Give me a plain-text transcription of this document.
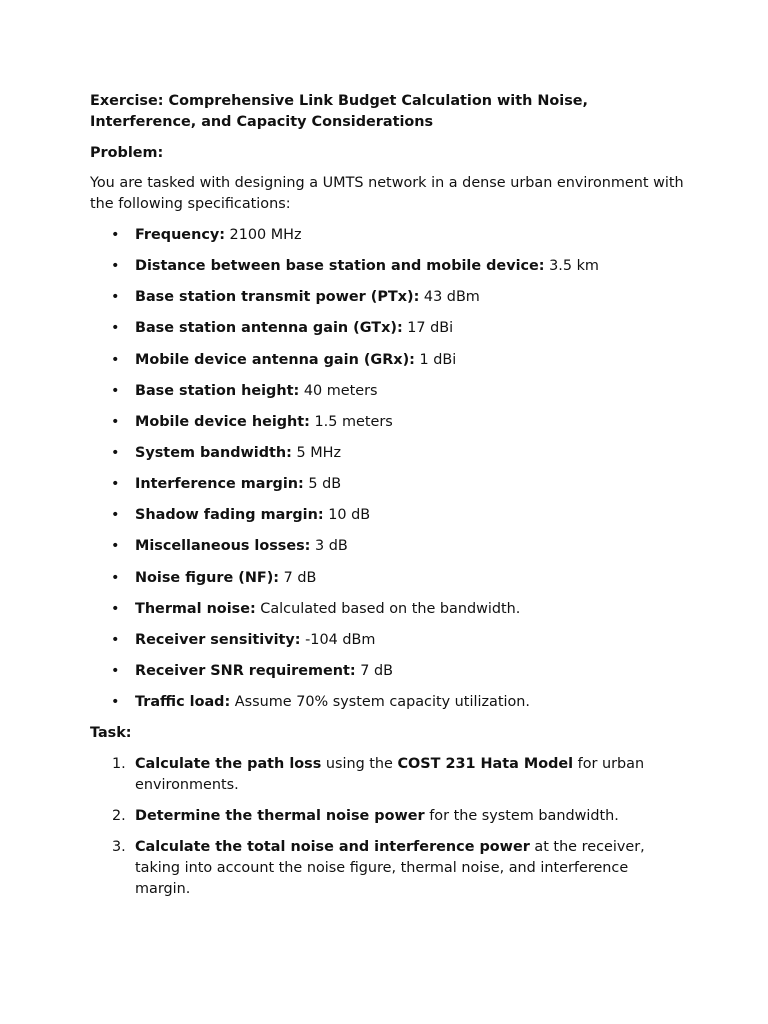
Exercise: Comprehensive Link Budget Calculation with Noise, Interference, and Capacity Considerations
Problem:
You are tasked with designing a UMTS network in a dense urban environment with the following specifications:
• Frequency: 2100 MHz
• Distance between base station and mobile device: 3.5 km
• Base station transmit power (PTx): 43 dBm
• Base station antenna gain (GTx): 17 dBi
• Mobile device antenna gain (GRx): 1 dBi
• Base station height: 40 meters
• Mobile device height: 1.5 meters
• System bandwidth: 5 MHz
• Interference margin: 5 dB
• Shadow fading margin: 10 dB
• Miscellaneous losses: 3 dB
• Noise figure (NF): 7 dB
• Thermal noise: Calculated based on the bandwidth.
• Receiver sensitivity: -104 dBm
• Receiver SNR requirement: 7 dB
• Traffic load: Assume 70% system capacity utilization.
Task:
1. Calculate the path loss using the COST 231 Hata Model for urban environments.
2. Determine the thermal noise power for the system bandwidth.
3. Calculate the total noise and interference power at the receiver, taking into account the noise figure, thermal noise, and interference margin.
